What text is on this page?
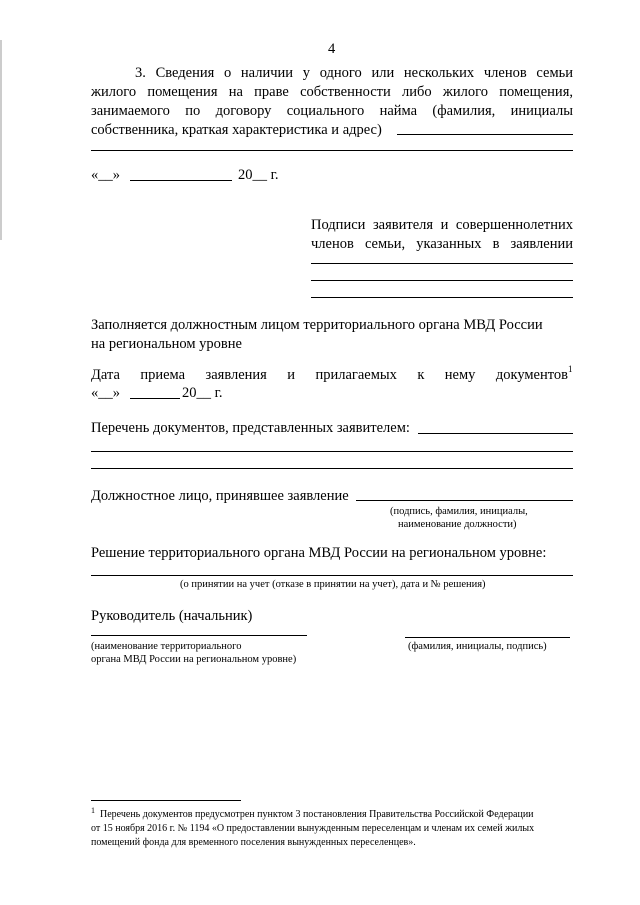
4
3. Сведения о наличии у одного или нескольких членов семьи
жилого помещения на праве собственности либо жилого помещения,
занимаемого по договору социального найма (фамилия, инициалы
собственника, краткая характеристика и адрес)
«__»	20__ г.
Подписи заявителя и совершеннолетних
членов семьи, указанных в заявлении
Заполняется должностным лицом территориального органа МВД России
на региональном уровне
Дата приема заявления и прилагаемых к нему документов 1
«__»	20__ г.
Перечень документов, представленных заявителем:
Должностное лицо, принявшее заявление
(подпись, фамилия, инициалы,
наименование должности)
Решение территориального органа МВД России на региональном уровне:
(о принятии на учет (отказе в принятии на учет), дата и № решения)
Руководитель (начальник)
(наименование территориального
органа МВД России на региональном уровне)
(фамилия, инициалы, подпись)
1 Перечень документов предусмотрен пунктом 3 постановления Правительства Российской Федерации
от 15 ноября 2016 г. № 1194 «О предоставлении вынужденным переселенцам и членам их семей жилых
помещений фонда для временного поселения вынужденных переселенцев».
